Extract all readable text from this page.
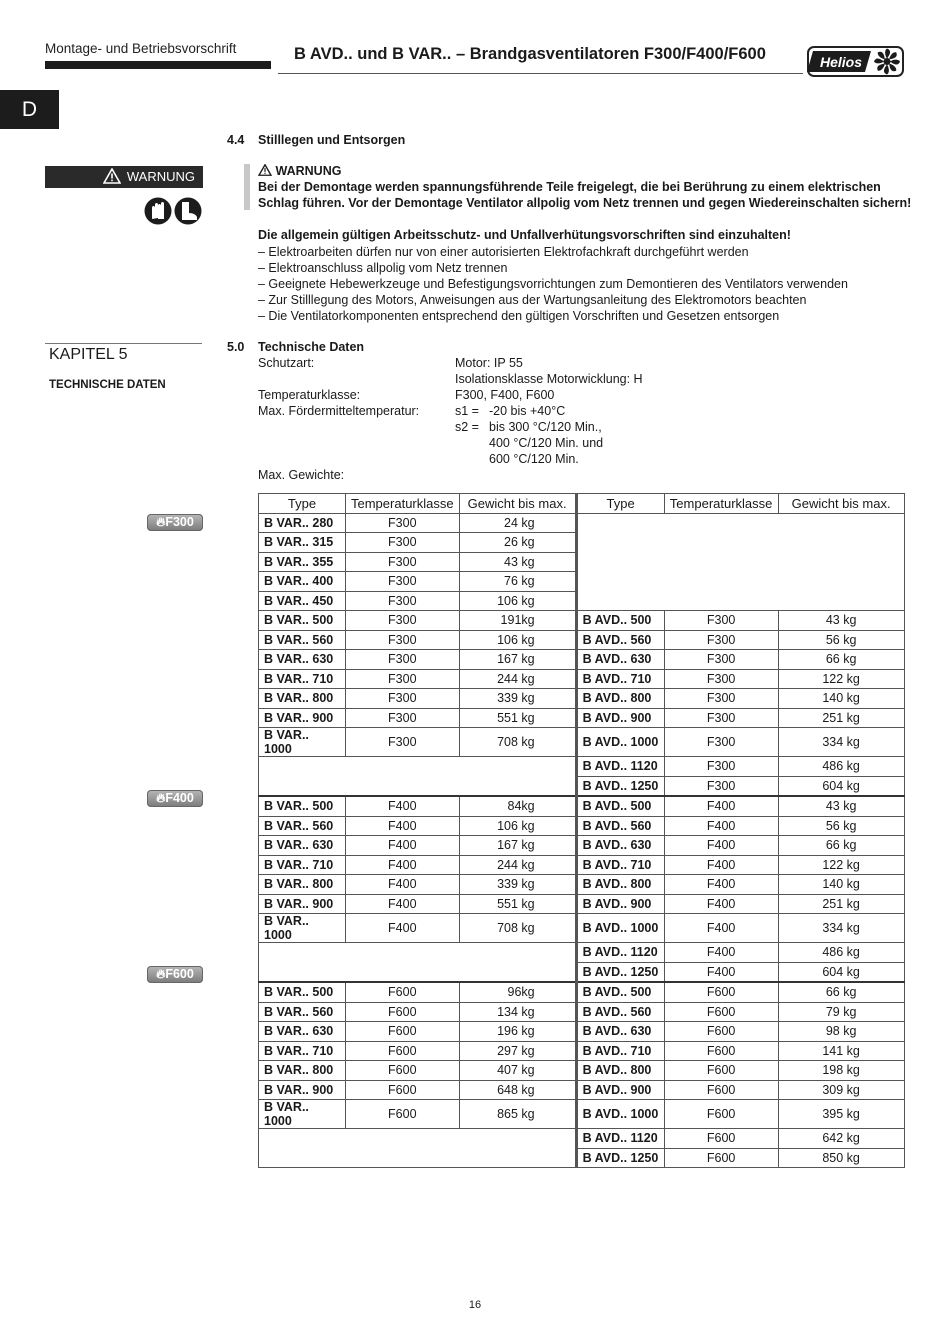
Montage- und Betriebsvorschrift	B AVD.. und B VAR.. – Brandgasventilatoren F300/F400/F600	Helios
D
WARNUNG
KAPITEL 5
TECHNISCHE DATEN
🔥︎F300
🔥︎F400
🔥︎F600
4.4 Stilllegen und Entsorgen
WARNUNG
Bei der Demontage werden spannungsführende Teile freigelegt, die bei Berührung zu einem elektrischen
Schlag führen. Vor der Demontage Ventilator allpolig vom Netz trennen und gegen Wiedereinschalten sichern!
Die allgemein gültigen Arbeitsschutz- und Unfallverhütungsvorschriften sind einzuhalten!
– Elektroarbeiten dürfen nur von einer autorisierten Elektrofachkraft durchgeführt werden
– Elektroanschluss allpolig vom Netz trennen
– Geeignete Hebewerkzeuge und Befestigungsvorrichtungen zum Demontieren des Ventilators verwenden
– Zur Stilllegung des Motors, Anweisungen aus der Wartungsanleitung des Elektromotors beachten
– Die Ventilatorkomponenten entsprechend den gültigen Vorschriften und Gesetzen entsorgen
5.0 Technische Daten
Schutzart:	Motor: IP 55
Isolationsklasse Motorwicklung: H
Temperaturklasse:	F300, F400, F600
Max. Fördermitteltemperatur:	s1 = -20 bis +40°C
s2 = bis 300 °C/120 Min.,
400 °C/120 Min. und
600 °C/120 Min.
Max. Gewichte:
Type	Temperaturklasse	Gewicht bis max.	Type	Temperaturklasse	Gewicht bis max.
B VAR.. 280	F300	24 kg			
B VAR.. 315	F300	26 kg			
B VAR.. 355	F300	43 kg			
B VAR.. 400	F300	76 kg			
B VAR.. 450	F300	106 kg			
B VAR.. 500	F300	191kg	B AVD.. 500	F300	43 kg
B VAR.. 560	F300	106 kg	B AVD.. 560	F300	56 kg
B VAR.. 630	F300	167 kg	B AVD.. 630	F300	66 kg
B VAR.. 710	F300	244 kg	B AVD.. 710	F300	122 kg
B VAR.. 800	F300	339 kg	B AVD.. 800	F300	140 kg
B VAR.. 900	F300	551 kg	B AVD.. 900	F300	251 kg
B VAR.. 1000	F300	708 kg	B AVD.. 1000	F300	334 kg
			B AVD.. 1120	F300	486 kg
			B AVD.. 1250	F300	604 kg
B VAR.. 500	F400	84kg	B AVD.. 500	F400	43 kg
B VAR.. 560	F400	106 kg	B AVD.. 560	F400	56 kg
B VAR.. 630	F400	167 kg	B AVD.. 630	F400	66 kg
B VAR.. 710	F400	244 kg	B AVD.. 710	F400	122 kg
B VAR.. 800	F400	339 kg	B AVD.. 800	F400	140 kg
B VAR.. 900	F400	551 kg	B AVD.. 900	F400	251 kg
B VAR.. 1000	F400	708 kg	B AVD.. 1000	F400	334 kg
			B AVD.. 1120	F400	486 kg
			B AVD.. 1250	F400	604 kg
B VAR.. 500	F600	96kg	B AVD.. 500	F600	66 kg
B VAR.. 560	F600	134 kg	B AVD.. 560	F600	79 kg
B VAR.. 630	F600	196 kg	B AVD.. 630	F600	98 kg
B VAR.. 710	F600	297 kg	B AVD.. 710	F600	141 kg
B VAR.. 800	F600	407 kg	B AVD.. 800	F600	198 kg
B VAR.. 900	F600	648 kg	B AVD.. 900	F600	309 kg
B VAR.. 1000	F600	865 kg	B AVD.. 1000	F600	395 kg
			B AVD.. 1120	F600	642 kg
			B AVD.. 1250	F600	850 kg
16
